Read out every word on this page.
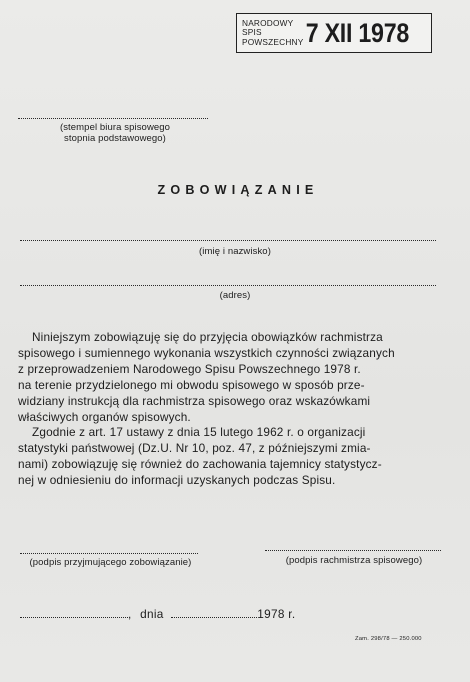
NARODOWY
SPIS
POWSZECHNY 7 XII 1978
(stempel biura spisowego
stopnia podstawowego)
ZOBOWIĄZANIE
(imię i nazwisko)
(adres)
Niniejszym zobowiązuję się do przyjęcia obowiązków rachmistrza
spisowego i sumiennego wykonania wszystkich czynności związanych
z przeprowadzeniem Narodowego Spisu Powszechnego 1978 r.
na terenie przydzielonego mi obwodu spisowego w sposób prze-
widziany instrukcją dla rachmistrza spisowego oraz wskazówkami
właściwych organów spisowych.
Zgodnie z art. 17 ustawy z dnia 15 lutego 1962 r. o organizacji
statystyki państwowej (Dz.U. Nr 10, poz. 47, z późniejszymi zmia-
nami) zobowiązuję się również do zachowania tajemnicy statystycz-
nej w odniesieniu do informacji uzyskanych podczas Spisu.
(podpis przyjmującego zobowiązanie)	(podpis rachmistrza spisowego)
, dnia	1978 r.
Zam. 298/78 — 250.000
